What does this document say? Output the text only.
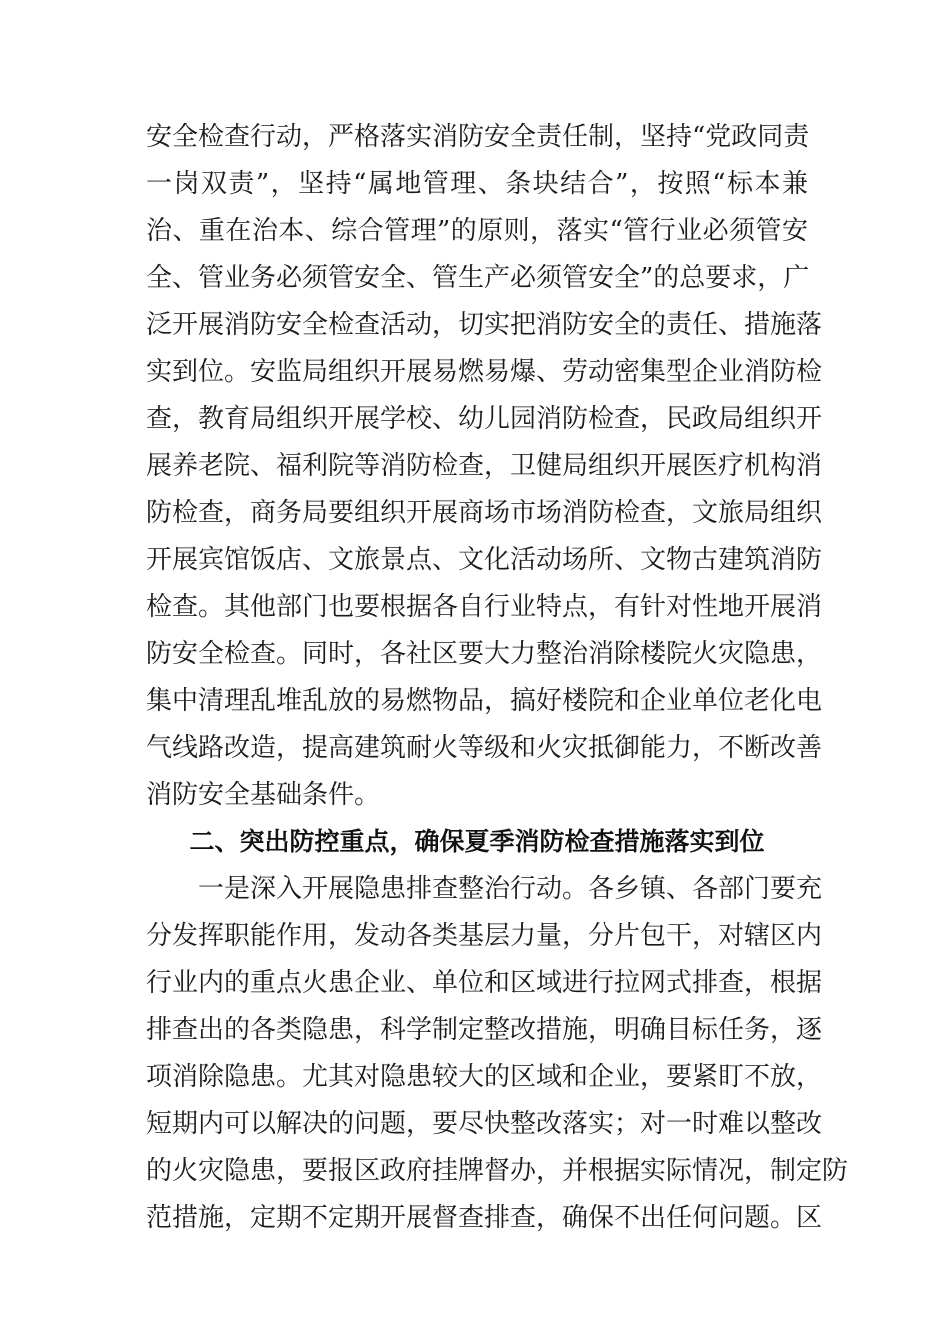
安全检查行动，严格落实消防安全责任制，坚持“党政同责
一岗双责”，坚持“属地管理、条块结合”，按照“标本兼
治、重在治本、综合管理”的原则，落实“管行业必须管安
全、管业务必须管安全、管生产必须管安全”的总要求，广
泛开展消防安全检查活动，切实把消防安全的责任、措施落
实到位。安监局组织开展易燃易爆、劳动密集型企业消防检
查，教育局组织开展学校、幼儿园消防检查，民政局组织开
展养老院、福利院等消防检查，卫健局组织开展医疗机构消
防检查，商务局要组织开展商场市场消防检查，文旅局组织
开展宾馆饭店、文旅景点、文化活动场所、文物古建筑消防
检查。其他部门也要根据各自行业特点，有针对性地开展消
防安全检查。同时，各社区要大力整治消除楼院火灾隐患，
集中清理乱堆乱放的易燃物品，搞好楼院和企业单位老化电
气线路改造，提高建筑耐火等级和火灾抵御能力，不断改善
消防安全基础条件。
二、突出防控重点，确保夏季消防检查措施落实到位
一是深入开展隐患排查整治行动。各乡镇、各部门要充
分发挥职能作用，发动各类基层力量，分片包干，对辖区内
行业内的重点火患企业、单位和区域进行拉网式排查，根据
排查出的各类隐患，科学制定整改措施，明确目标任务，逐
项消除隐患。尤其对隐患较大的区域和企业，要紧盯不放，
短期内可以解决的问题，要尽快整改落实；对一时难以整改
的火灾隐患，要报区政府挂牌督办，并根据实际情况，制定防
范措施，定期不定期开展督查排查，确保不出任何问题。区
